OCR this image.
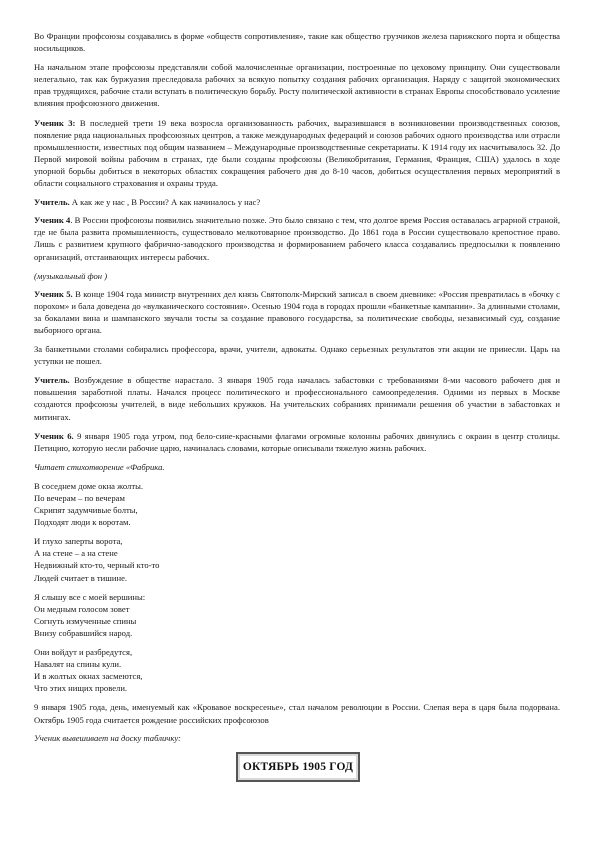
Во Франции профсоюзы создавались в форме «обществ сопротивления», такие как общество грузчиков железа парижского порта и общества носильщиков.

На начальном этапе профсоюзы представляли собой малочисленные организации, построенные по цеховому принципу. Они существовали нелегально, так как буржуазия преследовала рабочих за всякую попытку создания рабочих организация. Наряду с защитой экономических прав трудящихся, рабочие стали вступать в политическую борьбу. Росту политической активности в странах Европы способствовало усиление влияния профсоюзного движения.

Ученик 3: В последней трети 19 века возросла организованность рабочих, выразившаяся в возникновении производственных союзов, появление ряда национальных профсоюзных центров, а также международных федераций и союзов рабочих одного производства или отрасли промышленности, известных под общим названием – Международные производственные секретариаты. К 1914 году их насчитывалось 32. До Первой мировой войны рабочим в странах, где были созданы профсоюзы (Великобритания, Германия, Франция, США) удалось в ходе упорной борьбы добиться в некоторых областях сокращения рабочего дня до 8-10 часов, добиться осуществления первых мероприятий в области социального страхования и охраны труда.

Учитель. А как же у нас , В России? А как начиналось у нас?

Ученик 4. В России профсоюзы появились значительно позже. Это было связано с тем, что долгое время Россия оставалась аграрной страной, где не была развита промышленность, существовало мелкотоварное производство. До 1861 года в России существовало крепостное право. Лишь с развитием крупного фабрично-заводского производства и формированием рабочего класса создавались предпосылки к появлению организаций, отстаивающих интересы рабочих.

(музыкальный фон )

Ученик 5. В конце 1904 года министр внутренних дел князь Святополк-Мирский записал в своем дневнике: «Россия превратилась в «бочку с порохом» и бала доведена до «вулканического состояния». Осенью 1904 года в городах прошли «банкетные кампании». За длинными столами, за бокалами вина и шампанского звучали тосты за создание правового государства, за политические свободы, независимый суд, создание выборного органа.

За банкетными столами собирались профессора, врачи, учители, адвокаты. Однако серьезных результатов эти акции не принесли. Царь на уступки не пошел.

Учитель. Возбуждение в обществе нарастало. 3 января 1905 года началась забастовки с требованиями 8-ми часового рабочего дня и повышения заработной платы. Начался процесс политического и профессионального самоопределения. Одними из первых в Москве создаются профсоюзы учителей, в виде небольших кружков. На учительских собраниях принимали решения об участии в забастовках и митингах.

Ученик 6. 9 января 1905 года утром, под бело-сине-красными флагами огромные колонны рабочих двинулись с окраин в центр столицы. Петицию, которую несли рабочие царю, начиналась словами, которые описывали тяжелую жизнь рабочих.

Читает стихотворение «Фабрика.

В соседнем доме окна жолты.
По вечерам – по вечерам
Скрипят задумчивые болты,
Подходят люди к воротам.
И глухо заперты ворота,
А на стене – а на стене
Недвижный кто-то, черный кто-то
Людей считает в тишине.
Я слышу все с моей вершины:
Он медным голосом зовет
Согнуть измученные спины
Внизу собравшийся народ.
Они войдут и разбредутся,
Навалят на спины кули.
И в жолтых окнах засмеются,
Что этих нищих провели.

9 января 1905 года, день, именуемый как «Кровавое воскресенье», стал началом революции в России. Слепая вера в царя была подорвана. Октябрь 1905 года считается рождение российских профсоюзов

Ученик вывешивает на доску табличку:

ОКТЯБРЬ 1905 ГОД
